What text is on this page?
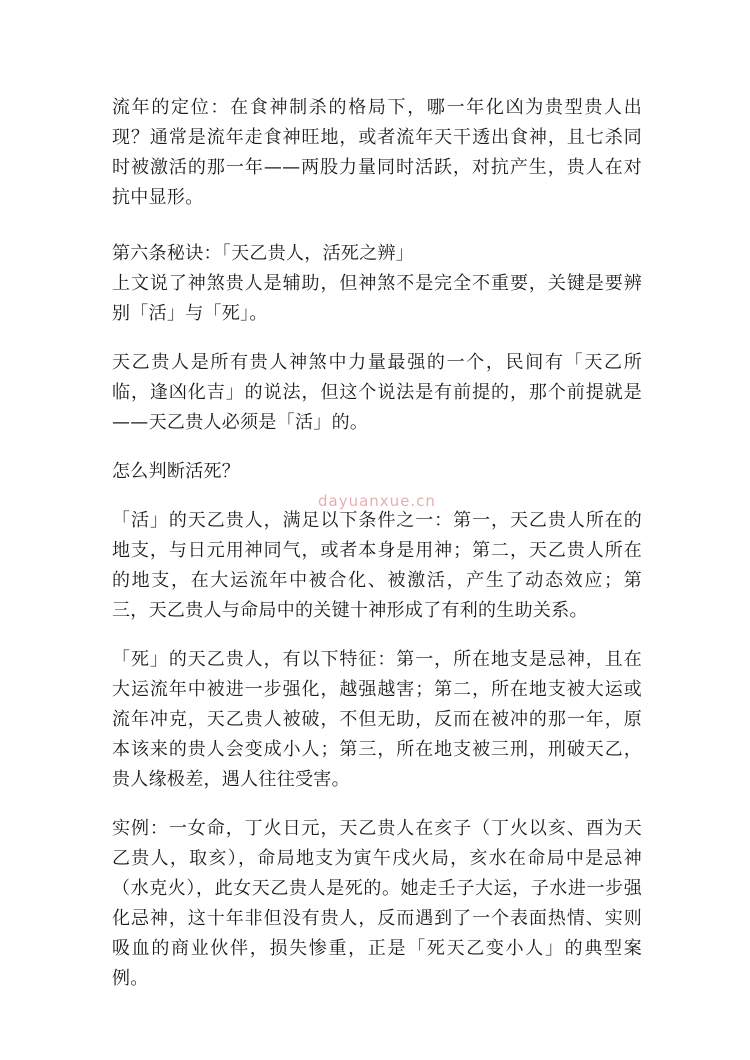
流年的定位：在食神制杀的格局下，哪一年化凶为贵型贵人出现？通常是流年走食神旺地，或者流年天干透出食神，且七杀同时被激活的那一年——两股力量同时活跃，对抗产生，贵人在对抗中显形。

第六条秘诀：「天乙贵人，活死之辨」

上文说了神煞贵人是辅助，但神煞不是完全不重要，关键是要辨别「活」与「死」。

天乙贵人是所有贵人神煞中力量最强的一个，民间有「天乙所临，逢凶化吉」的说法，但这个说法是有前提的，那个前提就是——天乙贵人必须是「活」的。

怎么判断活死？

「活」的天乙贵人，满足以下条件之一：第一，天乙贵人所在的地支，与日元用神同气，或者本身是用神；第二，天乙贵人所在的地支，在大运流年中被合化、被激活，产生了动态效应；第三，天乙贵人与命局中的关键十神形成了有利的生助关系。

「死」的天乙贵人，有以下特征：第一，所在地支是忌神，且在大运流年中被进一步强化，越强越害；第二，所在地支被大运或流年冲克，天乙贵人被破，不但无助，反而在被冲的那一年，原本该来的贵人会变成小人；第三，所在地支被三刑，刑破天乙，贵人缘极差，遇人往往受害。

实例：一女命，丁火日元，天乙贵人在亥子（丁火以亥、酉为天乙贵人，取亥），命局地支为寅午戌火局，亥水在命局中是忌神（水克火），此女天乙贵人是死的。她走壬子大运，子水进一步强化忌神，这十年非但没有贵人，反而遇到了一个表面热情、实则吸血的商业伙伴，损失惨重，正是「死天乙变小人」的典型案例。

dayuanxue.cn
